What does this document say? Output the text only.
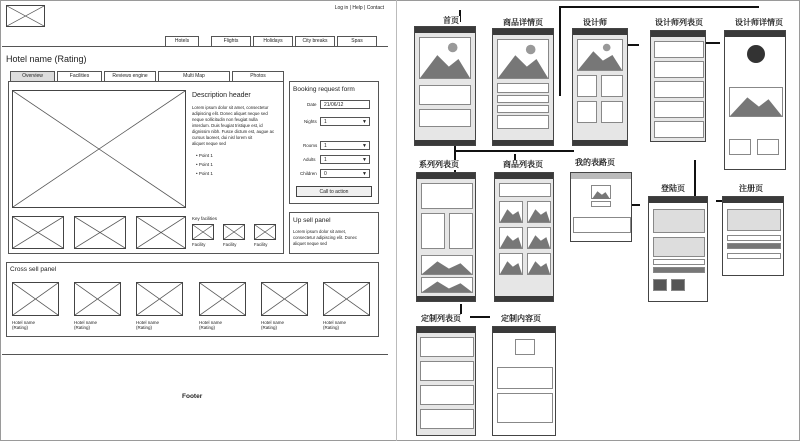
Log in | Help | Contact
Hotels	Flights	Holidays	City breaks	Spas
Hotel name (Rating)
Overview	Facilities	Reviews engine	Multi Map	Photos
Description header
Lorem ipsum dolor sit amet, consectetur
adipiscing elit. Donec aliquet neque sed
neque sollicitudin non feugiat nulla
interdum. Duis feugiat tristique est, id
dignissim nibh. Fusce dictum est, augue ac
cursus laoreet, dui nisl lorem sit
aliquet neque sed
• Point 1
• Point 1
• Point 1
Key facilities
Facility	Facility	Facility
Booking request form
Date	21/06/12
Nights	1 ▼
Rooms	1 ▼
Adults	1 ▼
Children	0 ▼
Call to action
Up sell panel
Lorem ipsum dolor sit amet,
consectetur adipiscing elit. Donec
aliquet neque sed
Cross sell panel
Hotel name
(Rating)
Hotel name
(Rating)
Hotel name
(Rating)
Hotel name
(Rating)
Hotel name
(Rating)
Hotel name
(Rating)
Footer
首页	商品详情页	设计师	设计师列表页	设计师详情页
系列列表页	商品列表页	我的表路页
登陆页	注册页
定制列表页	定制内容页
